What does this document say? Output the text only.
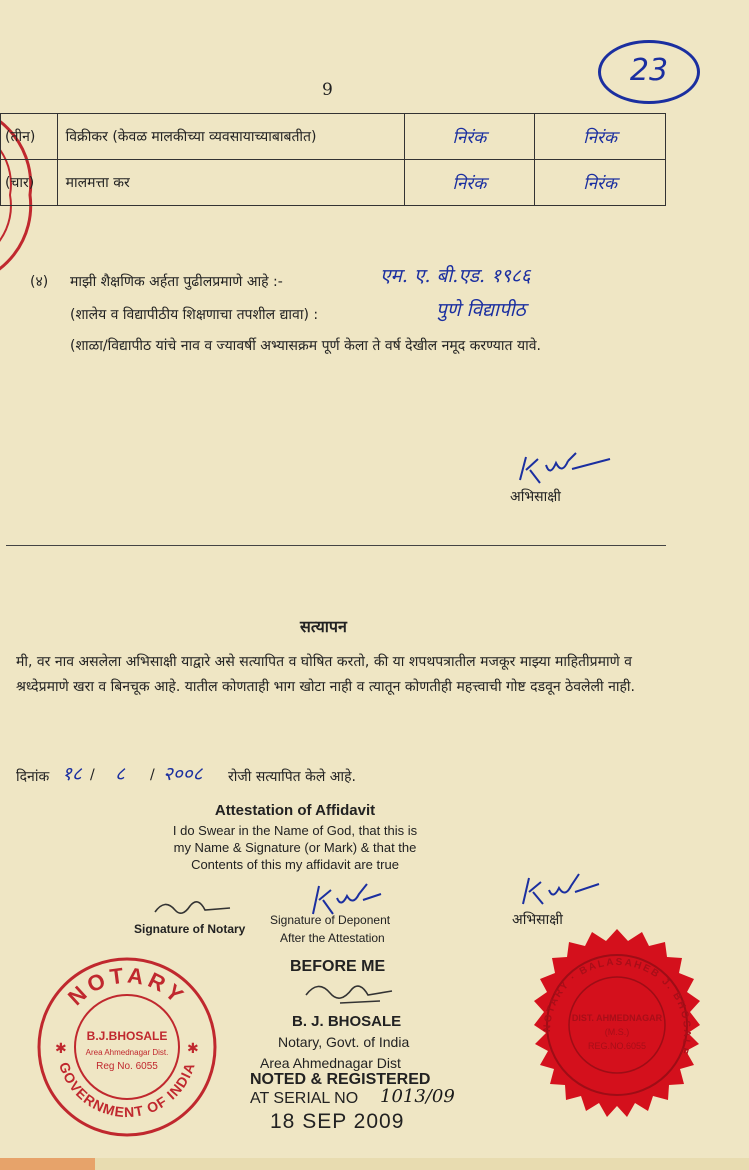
9
23
(तीन)	विक्रीकर (केवळ मालकीच्या व्यवसायाच्याबाबतीत)	निरंक	निरंक
(चार)	मालमत्ता कर	निरंक	निरंक
(४) माझी शैक्षणिक अर्हता पुढीलप्रमाणे आहे :-	एम. ए. बी.एड. १९८६
(शालेय व विद्यापीठीय शिक्षणाचा तपशील द्यावा) :	पुणे विद्यापीठ
(शाळा/विद्यापीठ यांचे नाव व ज्यावर्षी अभ्यासक्रम पूर्ण केला ते वर्ष देखील नमूद करण्यात यावे.
अभिसाक्षी
सत्यापन
मी, वर नाव असलेला अभिसाक्षी याद्वारे असे सत्यापित व घोषित करतो, की या शपथपत्रातील मजकूर माझ्या माहितीप्रमाणे व श्रध्देप्रमाणे खरा व बिनचूक आहे. यातील कोणताही भाग खोटा नाही व त्यातून कोणतीही महत्त्वाची गोष्ट दडवून ठेवलेली नाही.
दिनांक १८ / ८ / २००८ रोजी सत्यापित केले आहे.
Attestation of Affidavit
I do Swear in the Name of God, that this is
my Name & Signature (or Mark) & that the
Contents of this my affidavit are true
Signature of Notary
Signature of Deponent
After the Attestation
अभिसाक्षी
NOTARY
GOVERNMENT OF INDIA
B.J.BHOSALE
Area Ahmednagar Dist.
Reg No. 6055
✱	✱
BEFORE ME
B. J. BHOSALE
Notary, Govt. of India
Area Ahmednagar Dist
NOTED & REGISTERED
AT SERIAL NO 1013/09
18 SEP 2009
NOTARY · BALASAHEB J. BHOSALE
DIST. AHMEDNAGAR
(M.S.)
REG.NO.6055
